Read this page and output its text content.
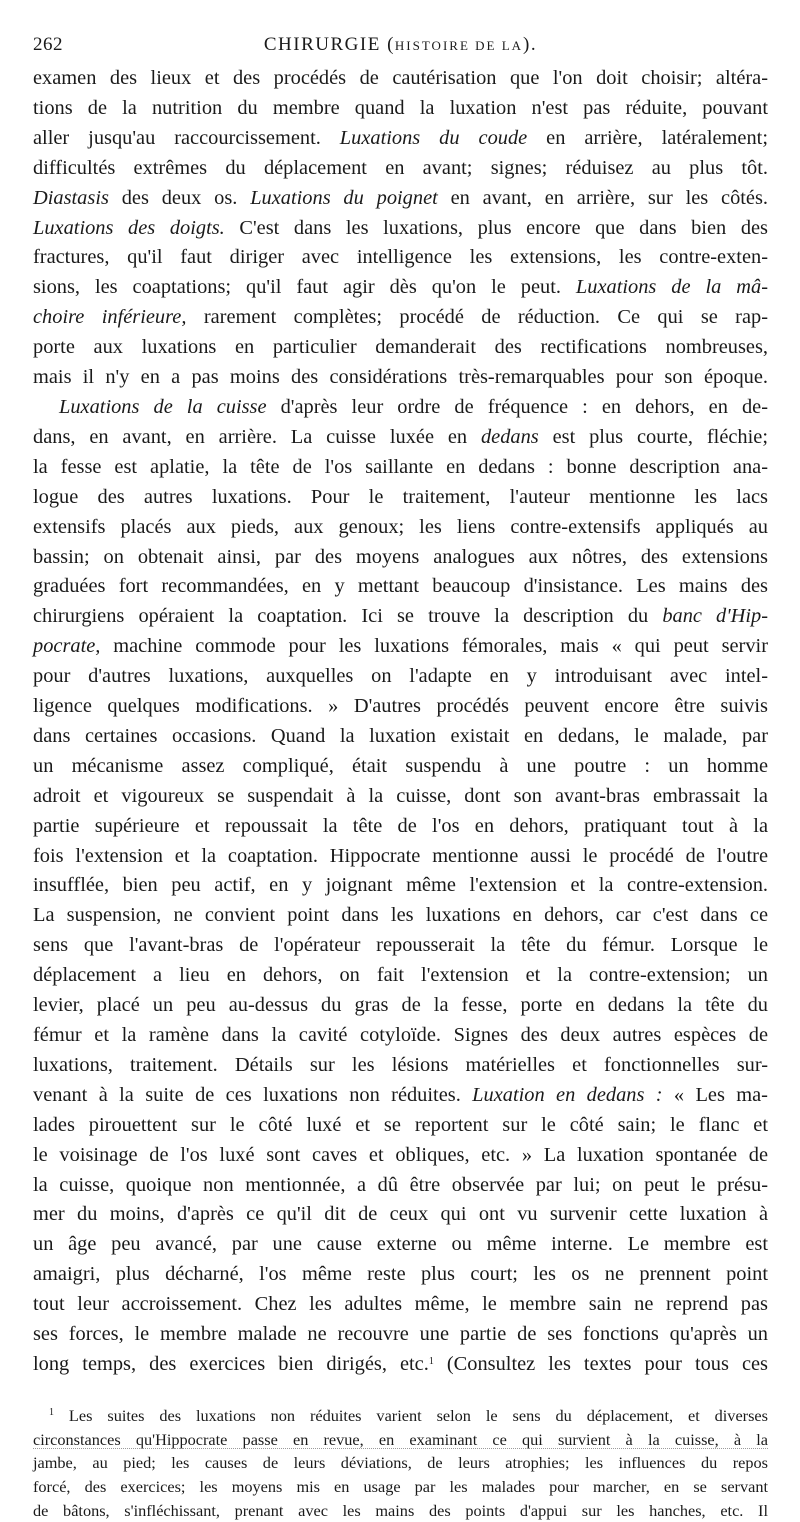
262	CHIRURGIE (HISTOIRE DE LA).
examen des lieux et des procédés de cautérisation que l'on doit choisir; altéra-
tions de la nutrition du membre quand la luxation n'est pas réduite, pouvant
aller jusqu'au raccourcissement. Luxations du coude en arrière, latéralement;
difficultés extrêmes du déplacement en avant; signes; réduisez au plus tôt.
Diastasis des deux os. Luxations du poignet en avant, en arrière, sur les côtés.
Luxations des doigts. C'est dans les luxations, plus encore que dans bien des
fractures, qu'il faut diriger avec intelligence les extensions, les contre-exten-
sions, les coaptations; qu'il faut agir dès qu'on le peut. Luxations de la mâ-
choire inférieure, rarement complètes; procédé de réduction. Ce qui se rap-
porte aux luxations en particulier demanderait des rectifications nombreuses,
mais il n'y en a pas moins des considérations très-remarquables pour son époque.
Luxations de la cuisse d'après leur ordre de fréquence : en dehors, en de-
dans, en avant, en arrière. La cuisse luxée en dedans est plus courte, fléchie;
la fesse est aplatie, la tête de l'os saillante en dedans : bonne description ana-
logue des autres luxations. Pour le traitement, l'auteur mentionne les lacs
extensifs placés aux pieds, aux genoux; les liens contre-extensifs appliqués au
bassin; on obtenait ainsi, par des moyens analogues aux nôtres, des extensions
graduées fort recommandées, en y mettant beaucoup d'insistance. Les mains des
chirurgiens opéraient la coaptation. Ici se trouve la description du banc d'Hip-
pocrate, machine commode pour les luxations fémorales, mais « qui peut servir
pour d'autres luxations, auxquelles on l'adapte en y introduisant avec intel-
ligence quelques modifications. » D'autres procédés peuvent encore être suivis
dans certaines occasions. Quand la luxation existait en dedans, le malade, par
un mécanisme assez compliqué, était suspendu à une poutre : un homme
adroit et vigoureux se suspendait à la cuisse, dont son avant-bras embrassait la
partie supérieure et repoussait la tête de l'os en dehors, pratiquant tout à la
fois l'extension et la coaptation. Hippocrate mentionne aussi le procédé de l'outre
insufflée, bien peu actif, en y joignant même l'extension et la contre-extension.
La suspension, ne convient point dans les luxations en dehors, car c'est dans ce
sens que l'avant-bras de l'opérateur repousserait la tête du fémur. Lorsque le
déplacement a lieu en dehors, on fait l'extension et la contre-extension; un
levier, placé un peu au-dessus du gras de la fesse, porte en dedans la tête du
fémur et la ramène dans la cavité cotyloïde. Signes des deux autres espèces de
luxations, traitement. Détails sur les lésions matérielles et fonctionnelles sur-
venant à la suite de ces luxations non réduites. Luxation en dedans : « Les ma-
lades pirouettent sur le côté luxé et se reportent sur le côté sain; le flanc et
le voisinage de l'os luxé sont caves et obliques, etc. » La luxation spontanée de
la cuisse, quoique non mentionnée, a dû être observée par lui; on peut le présu-
mer du moins, d'après ce qu'il dit de ceux qui ont vu survenir cette luxation à
un âge peu avancé, par une cause externe ou même interne. Le membre est
amaigri, plus décharné, l'os même reste plus court; les os ne prennent point
tout leur accroissement. Chez les adultes même, le membre sain ne reprend pas
ses forces, le membre malade ne recouvre une partie de ses fonctions qu'après un
long temps, des exercices bien dirigés, etc.$^1$ (Consultez les textes pour tous ces
$^1$ Les suites des luxations non réduites varient selon le sens du déplacement, et diverses
circonstances qu'Hippocrate passe en revue, en examinant ce qui survient à la cuisse, à la
jambe, au pied; les causes de leurs déviations, de leurs atrophies; les influences du repos
forcé, des exercices; les moyens mis en usage par les malades pour marcher, en se servant
de bâtons, s'infléchissant, prenant avec les mains des points d'appui sur les hanches, etc. Il
